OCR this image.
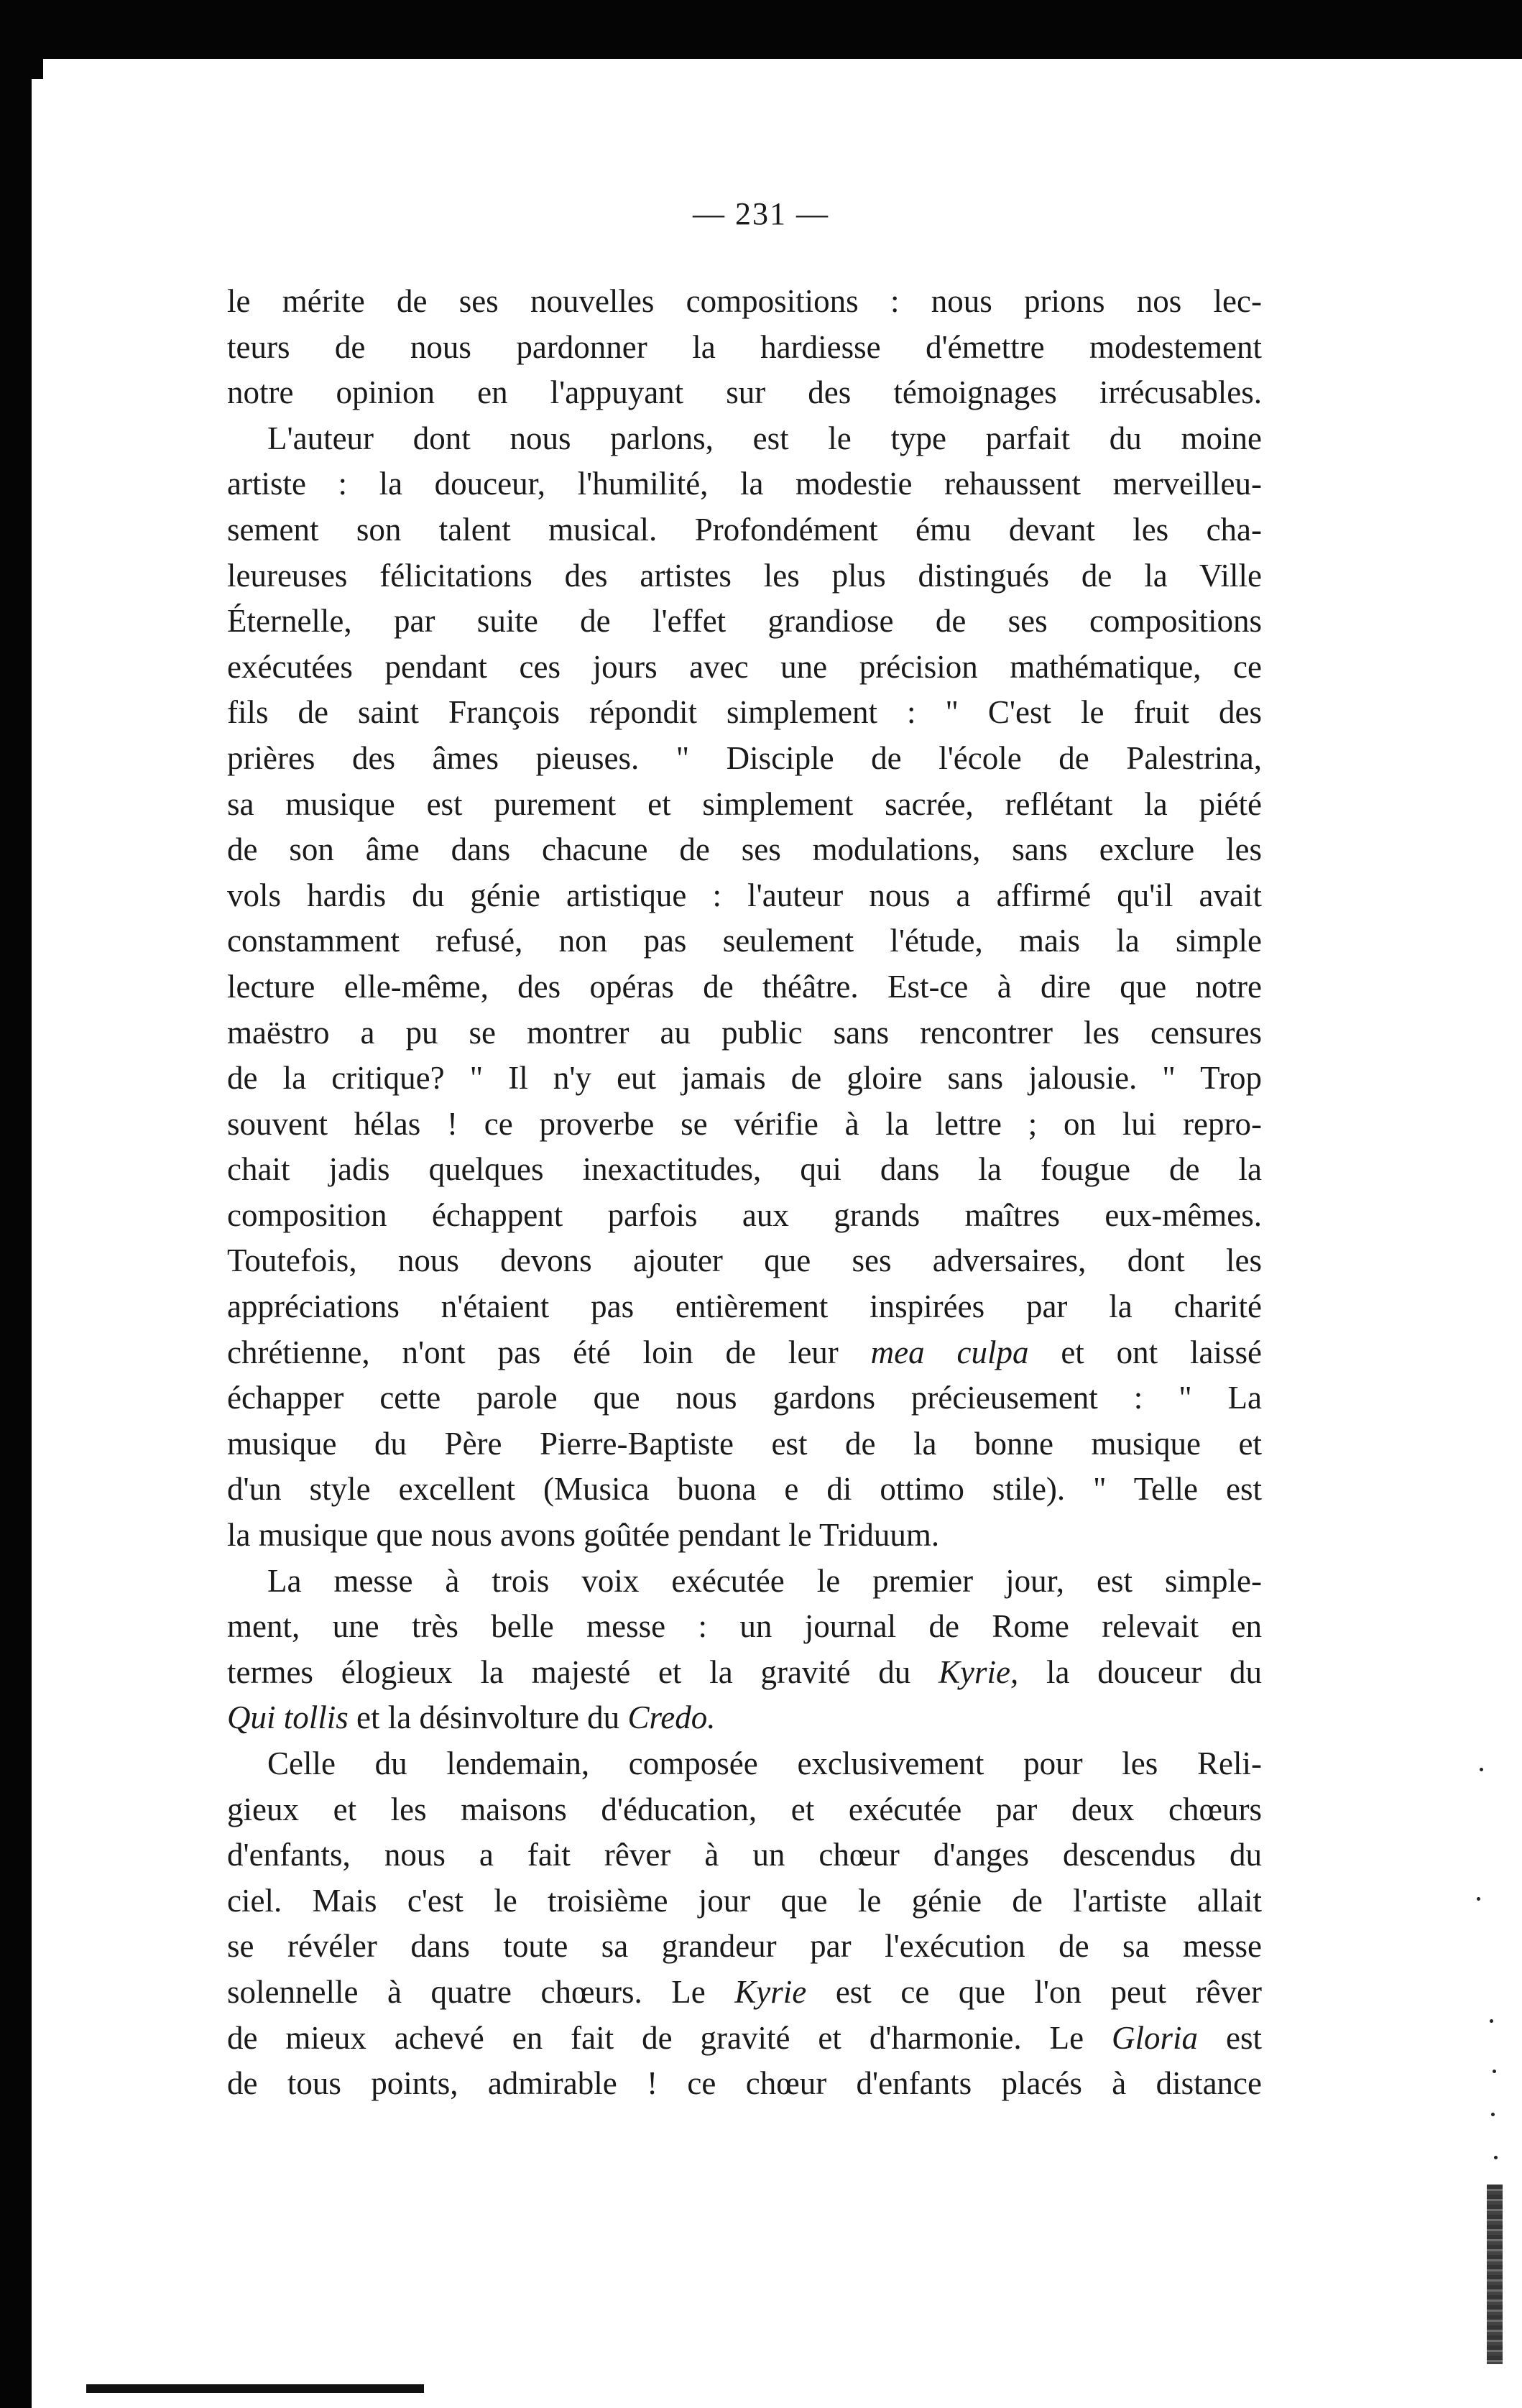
— 231 —
le mérite de ses nouvelles compositions : nous prions nos lec-
teurs de nous pardonner la hardiesse d'émettre modestement
notre opinion en l'appuyant sur des témoignages irrécusables.
L'auteur dont nous parlons, est le type parfait du moine
artiste : la douceur, l'humilité, la modestie rehaussent merveilleu-
sement son talent musical. Profondément ému devant les cha-
leureuses félicitations des artistes les plus distingués de la Ville
Éternelle, par suite de l'effet grandiose de ses compositions
exécutées pendant ces jours avec une précision mathématique, ce
fils de saint François répondit simplement : " C'est le fruit des
prières des âmes pieuses. " Disciple de l'école de Palestrina,
sa musique est purement et simplement sacrée, reflétant la piété
de son âme dans chacune de ses modulations, sans exclure les
vols hardis du génie artistique : l'auteur nous a affirmé qu'il avait
constamment refusé, non pas seulement l'étude, mais la simple
lecture elle-même, des opéras de théâtre. Est-ce à dire que notre
maëstro a pu se montrer au public sans rencontrer les censures
de la critique? " Il n'y eut jamais de gloire sans jalousie. " Trop
souvent hélas ! ce proverbe se vérifie à la lettre ; on lui repro-
chait jadis quelques inexactitudes, qui dans la fougue de la
composition échappent parfois aux grands maîtres eux-mêmes.
Toutefois, nous devons ajouter que ses adversaires, dont les
appréciations n'étaient pas entièrement inspirées par la charité
chrétienne, n'ont pas été loin de leur mea culpa et ont laissé
échapper cette parole que nous gardons précieusement : " La
musique du Père Pierre-Baptiste est de la bonne musique et
d'un style excellent (Musica buona e di ottimo stile). " Telle est
la musique que nous avons goûtée pendant le Triduum.
La messe à trois voix exécutée le premier jour, est simple-
ment, une très belle messe : un journal de Rome relevait en
termes élogieux la majesté et la gravité du Kyrie, la douceur du
Qui tollis et la désinvolture du Credo.
Celle du lendemain, composée exclusivement pour les Reli-
gieux et les maisons d'éducation, et exécutée par deux chœurs
d'enfants, nous a fait rêver à un chœur d'anges descendus du
ciel. Mais c'est le troisième jour que le génie de l'artiste allait
se révéler dans toute sa grandeur par l'exécution de sa messe
solennelle à quatre chœurs. Le Kyrie est ce que l'on peut rêver
de mieux achevé en fait de gravité et d'harmonie. Le Gloria est
de tous points, admirable ! ce chœur d'enfants placés à distance
